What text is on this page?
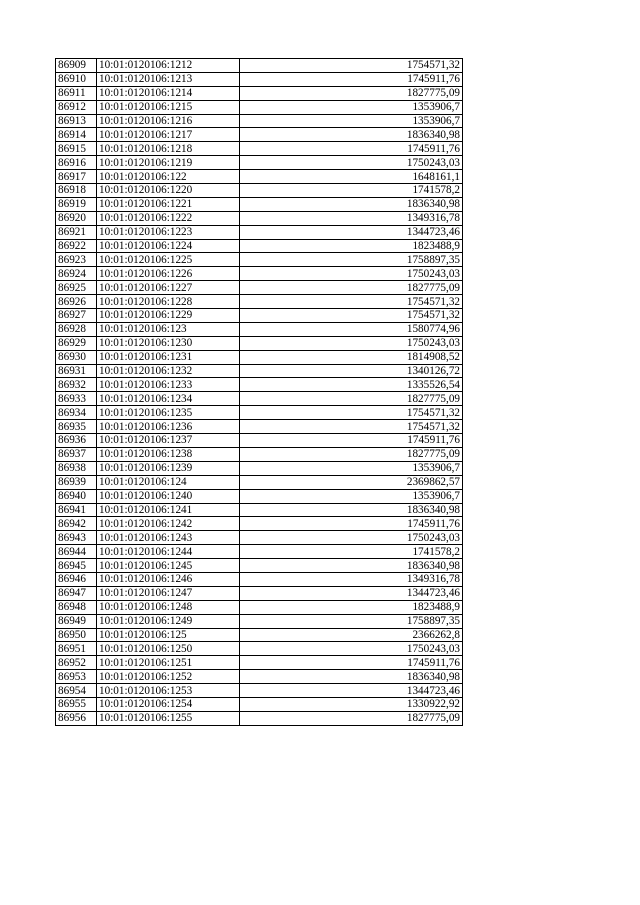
86909	10:01:0120106:1212	1754571,32
86910	10:01:0120106:1213	1745911,76
86911	10:01:0120106:1214	1827775,09
86912	10:01:0120106:1215	1353906,7
86913	10:01:0120106:1216	1353906,7
86914	10:01:0120106:1217	1836340,98
86915	10:01:0120106:1218	1745911,76
86916	10:01:0120106:1219	1750243,03
86917	10:01:0120106:122	1648161,1
86918	10:01:0120106:1220	1741578,2
86919	10:01:0120106:1221	1836340,98
86920	10:01:0120106:1222	1349316,78
86921	10:01:0120106:1223	1344723,46
86922	10:01:0120106:1224	1823488,9
86923	10:01:0120106:1225	1758897,35
86924	10:01:0120106:1226	1750243,03
86925	10:01:0120106:1227	1827775,09
86926	10:01:0120106:1228	1754571,32
86927	10:01:0120106:1229	1754571,32
86928	10:01:0120106:123	1580774,96
86929	10:01:0120106:1230	1750243,03
86930	10:01:0120106:1231	1814908,52
86931	10:01:0120106:1232	1340126,72
86932	10:01:0120106:1233	1335526,54
86933	10:01:0120106:1234	1827775,09
86934	10:01:0120106:1235	1754571,32
86935	10:01:0120106:1236	1754571,32
86936	10:01:0120106:1237	1745911,76
86937	10:01:0120106:1238	1827775,09
86938	10:01:0120106:1239	1353906,7
86939	10:01:0120106:124	2369862,57
86940	10:01:0120106:1240	1353906,7
86941	10:01:0120106:1241	1836340,98
86942	10:01:0120106:1242	1745911,76
86943	10:01:0120106:1243	1750243,03
86944	10:01:0120106:1244	1741578,2
86945	10:01:0120106:1245	1836340,98
86946	10:01:0120106:1246	1349316,78
86947	10:01:0120106:1247	1344723,46
86948	10:01:0120106:1248	1823488,9
86949	10:01:0120106:1249	1758897,35
86950	10:01:0120106:125	2366262,8
86951	10:01:0120106:1250	1750243,03
86952	10:01:0120106:1251	1745911,76
86953	10:01:0120106:1252	1836340,98
86954	10:01:0120106:1253	1344723,46
86955	10:01:0120106:1254	1330922,92
86956	10:01:0120106:1255	1827775,09
